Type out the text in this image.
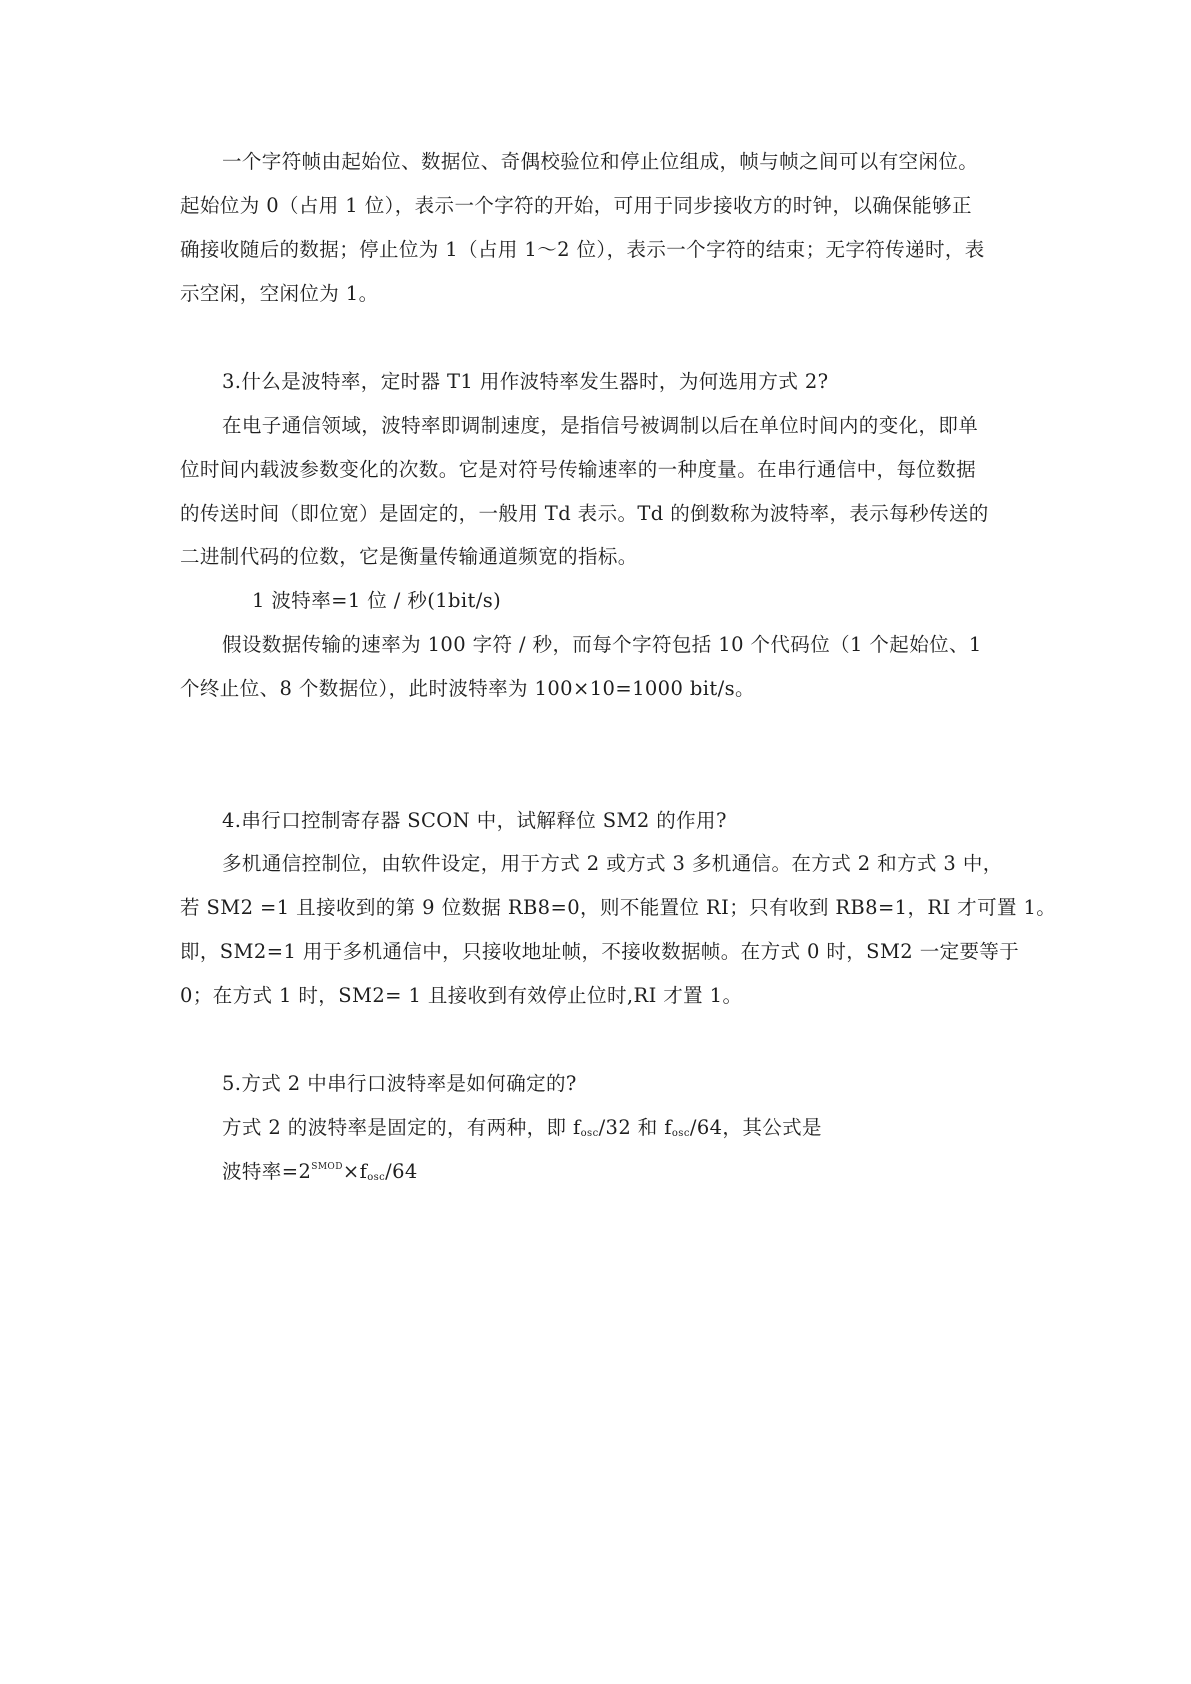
一个字符帧由起始位、数据位、奇偶校验位和停止位组成，帧与帧之间可以有空闲位。
起始位为 0（占用 1 位），表示一个字符的开始，可用于同步接收方的时钟，以确保能够正
确接收随后的数据；停止位为 1（占用 1～2 位），表示一个字符的结束；无字符传递时，表
示空闲，空闲位为 1。
3.什么是波特率，定时器 T1 用作波特率发生器时，为何选用方式 2?
在电子通信领域，波特率即调制速度，是指信号被调制以后在单位时间内的变化，即单
位时间内载波参数变化的次数。它是对符号传输速率的一种度量。在串行通信中，每位数据
的传送时间（即位宽）是固定的，一般用 Td 表示。Td 的倒数称为波特率，表示每秒传送的
二进制代码的位数，它是衡量传输通道频宽的指标。
1 波特率=1 位 / 秒(1bit/s)
假设数据传输的速率为 100 字符 / 秒，而每个字符包括 10 个代码位（1 个起始位、1
个终止位、8 个数据位），此时波特率为 100×10=1000 bit/s。
4.串行口控制寄存器 SCON 中，试解释位 SM2 的作用?
多机通信控制位，由软件设定，用于方式 2 或方式 3 多机通信。在方式 2 和方式 3 中，
若 SM2 =1 且接收到的第 9 位数据 RB8=0，则不能置位 RI；只有收到 RB8=1，RI 才可置 1。
即，SM2=1 用于多机通信中，只接收地址帧，不接收数据帧。在方式 0 时，SM2 一定要等于
0；在方式 1 时，SM2= 1 且接收到有效停止位时,RI 才置 1。
5.方式 2 中串行口波特率是如何确定的?
方式 2 的波特率是固定的，有两种，即 $f_{osc}/32$ 和 $f_{osc}/64$，其公式是
波特率$=2^{SMOD}\times f_{osc}/64$
